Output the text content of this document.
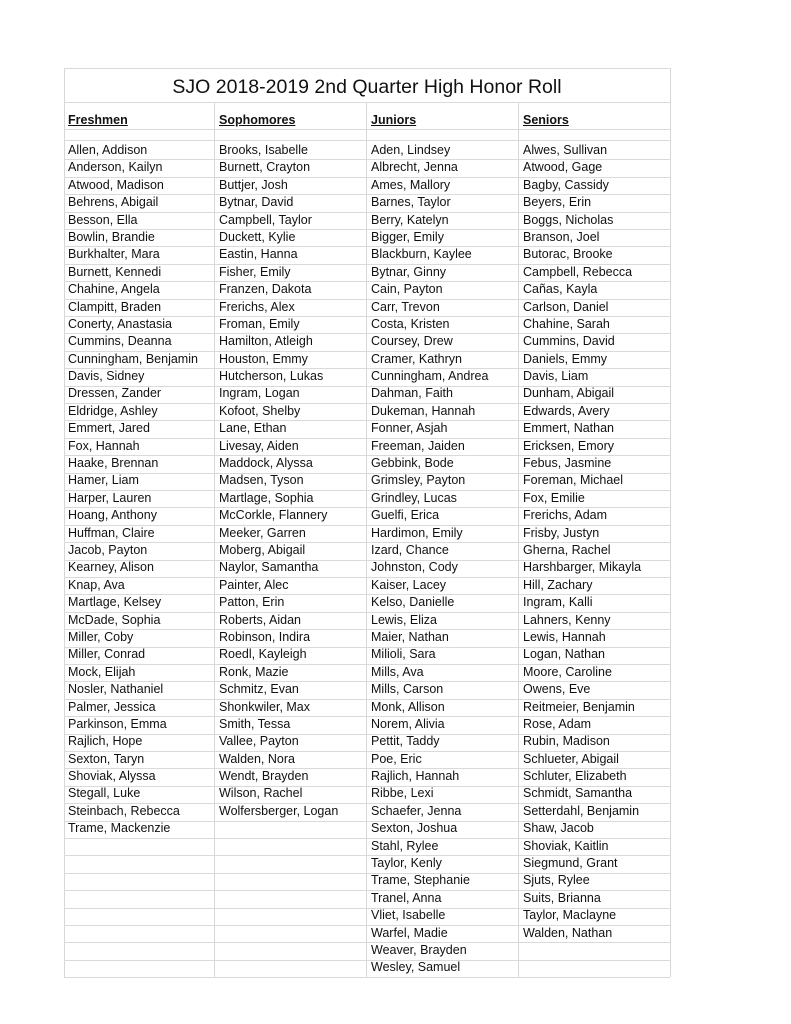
SJO 2018-2019 2nd Quarter High Honor Roll
Freshmen
Allen, Addison
Anderson, Kailyn
Atwood, Madison
Behrens, Abigail
Besson, Ella
Bowlin, Brandie
Burkhalter, Mara
Burnett, Kennedi
Chahine, Angela
Clampitt, Braden
Conerty, Anastasia
Cummins, Deanna
Cunningham, Benjamin
Davis, Sidney
Dressen, Zander
Eldridge, Ashley
Emmert, Jared
Fox, Hannah
Haake, Brennan
Hamer, Liam
Harper, Lauren
Hoang, Anthony
Huffman, Claire
Jacob, Payton
Kearney, Alison
Knap, Ava
Martlage, Kelsey
McDade, Sophia
Miller, Coby
Miller, Conrad
Mock, Elijah
Nosler, Nathaniel
Palmer, Jessica
Parkinson, Emma
Rajlich, Hope
Sexton, Taryn
Shoviak, Alyssa
Stegall, Luke
Steinbach, Rebecca
Trame, Mackenzie
Sophomores
Brooks, Isabelle
Burnett, Crayton
Buttjer, Josh
Bytnar, David
Campbell, Taylor
Duckett, Kylie
Eastin, Hanna
Fisher, Emily
Franzen, Dakota
Frerichs, Alex
Froman, Emily
Hamilton, Atleigh
Houston, Emmy
Hutcherson, Lukas
Ingram, Logan
Kofoot, Shelby
Lane, Ethan
Livesay, Aiden
Maddock, Alyssa
Madsen, Tyson
Martlage, Sophia
McCorkle, Flannery
Meeker, Garren
Moberg, Abigail
Naylor, Samantha
Painter, Alec
Patton, Erin
Roberts, Aidan
Robinson, Indira
Roedl, Kayleigh
Ronk, Mazie
Schmitz, Evan
Shonkwiler, Max
Smith, Tessa
Vallee, Payton
Walden, Nora
Wendt, Brayden
Wilson, Rachel
Wolfersberger, Logan
Juniors
Aden, Lindsey
Albrecht, Jenna
Ames, Mallory
Barnes, Taylor
Berry, Katelyn
Bigger, Emily
Blackburn, Kaylee
Bytnar, Ginny
Cain, Payton
Carr, Trevon
Costa, Kristen
Coursey, Drew
Cramer, Kathryn
Cunningham, Andrea
Dahman, Faith
Dukeman, Hannah
Fonner, Asjah
Freeman, Jaiden
Gebbink, Bode
Grimsley, Payton
Grindley, Lucas
Guelfi, Erica
Hardimon, Emily
Izard, Chance
Johnston, Cody
Kaiser, Lacey
Kelso, Danielle
Lewis, Eliza
Maier, Nathan
Milioli, Sara
Mills, Ava
Mills, Carson
Monk, Allison
Norem, Alivia
Pettit, Taddy
Poe, Eric
Rajlich, Hannah
Ribbe, Lexi
Schaefer, Jenna
Sexton, Joshua
Stahl, Rylee
Taylor, Kenly
Trame, Stephanie
Tranel, Anna
Vliet, Isabelle
Warfel, Madie
Weaver, Brayden
Wesley, Samuel
Seniors
Alwes, Sullivan
Atwood, Gage
Bagby, Cassidy
Beyers, Erin
Boggs, Nicholas
Branson, Joel
Butorac, Brooke
Campbell, Rebecca
Cañas, Kayla
Carlson, Daniel
Chahine, Sarah
Cummins, David
Daniels, Emmy
Davis, Liam
Dunham, Abigail
Edwards, Avery
Emmert, Nathan
Ericksen, Emory
Febus, Jasmine
Foreman, Michael
Fox, Emilie
Frerichs, Adam
Frisby, Justyn
Gherna, Rachel
Harshbarger, Mikayla
Hill, Zachary
Ingram, Kalli
Lahners, Kenny
Lewis, Hannah
Logan, Nathan
Moore, Caroline
Owens, Eve
Reitmeier, Benjamin
Rose, Adam
Rubin, Madison
Schlueter, Abigail
Schluter, Elizabeth
Schmidt, Samantha
Setterdahl, Benjamin
Shaw, Jacob
Shoviak, Kaitlin
Siegmund, Grant
Sjuts, Rylee
Suits, Brianna
Taylor, Maclayne
Walden, Nathan
